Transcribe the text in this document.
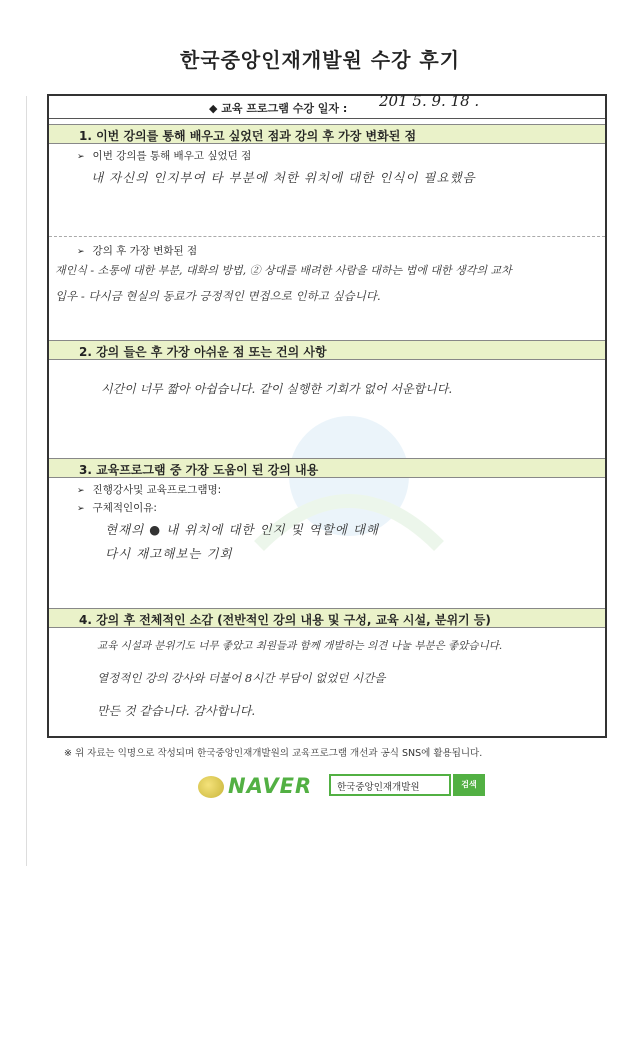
한국중앙인재개발원 수강 후기
◆ 교육 프로그램 수강 일자 : 201 5. 9. 18 .
1. 이번 강의를 통해 배우고 싶었던 점과 강의 후 가장 변화된 점
➢ 이번 강의를 통해 배우고 싶었던 점
내 자신의 인지부여 타 부분에 처한 위치에 대한 인식이 필요했음
➢ 강의 후 가장 변화된 점
재인식 - 소통에 대한 부분, 대화의 방법, ② 상대를 배려한 사람을 대하는 법에 대한 생각의 교차
입우 - 다시금 현실의 동료가 긍정적인 면접으로 인하고 싶습니다.
2. 강의 들은 후 가장 아쉬운 점 또는 건의 사항
시간이 너무 짧아 아쉽습니다. 같이 실행한 기회가 없어 서운합니다.
3. 교육프로그램 중 가장 도움이 된 강의 내용
➢ 진행강사및 교육프로그램명:
➢ 구체적인이유:
현재의 ● 내 위치에 대한 인지 및 역할에 대해
다시 재고해보는 기회
4. 강의 후 전체적인 소감 (전반적인 강의 내용 및 구성, 교육 시설, 분위기 등)
교육 시설과 분위기도 너무 좋았고 최원들과 함께 개발하는 의견 나눌 부분은 좋았습니다.
열정적인 강의 강사와 더불어 8시간 부담이 없었던 시간을
만든 것 같습니다. 감사합니다.
※ 위 자료는 익명으로 작성되며 한국중앙인재개발원의 교육프로그램 개선과 공식 SNS에 활용됩니다.
NAVER	한국중앙인재개발원	검색
